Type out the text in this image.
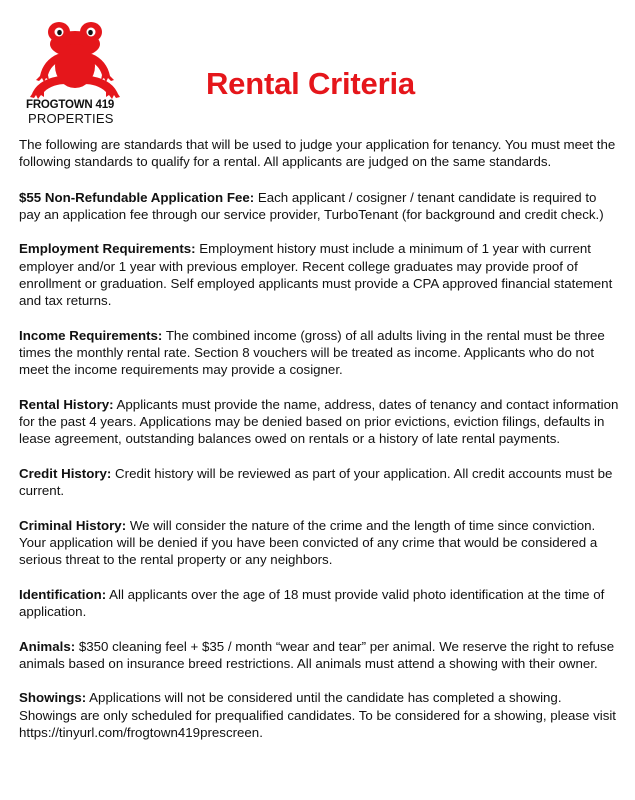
FROGTOWN 419
PROPERTIES
Rental Criteria

The following are standards that will be used to judge your application for tenancy. You must meet the following standards to qualify for a rental. All applicants are judged on the same standards.

$55 Non-Refundable Application Fee: Each applicant / cosigner / tenant candidate is required to pay an application fee through our service provider, TurboTenant (for background and credit check.)

Employment Requirements: Employment history must include a minimum of 1 year with current employer and/or 1 year with previous employer. Recent college graduates may provide proof of enrollment or graduation. Self employed applicants must provide a CPA approved financial statement and tax returns.

Income Requirements: The combined income (gross) of all adults living in the rental must be three times the monthly rental rate. Section 8 vouchers will be treated as income. Applicants who do not meet the income requirements may provide a cosigner.

Rental History: Applicants must provide the name, address, dates of tenancy and contact information for the past 4 years. Applications may be denied based on prior evictions, eviction filings, defaults in lease agreement, outstanding balances owed on rentals or a history of late rental payments.

Credit History: Credit history will be reviewed as part of your application. All credit accounts must be current.

Criminal History: We will consider the nature of the crime and the length of time since conviction. Your application will be denied if you have been convicted of any crime that would be considered a serious threat to the rental property or any neighbors.

Identification: All applicants over the age of 18 must provide valid photo identification at the time of application.

Animals: $350 cleaning feel + $35 / month “wear and tear” per animal. We reserve the right to refuse animals based on insurance breed restrictions. All animals must attend a showing with their owner.

Showings: Applications will not be considered until the candidate has completed a showing. Showings are only scheduled for prequalified candidates. To be considered for a showing, please visit https://tinyurl.com/frogtown419prescreen.
